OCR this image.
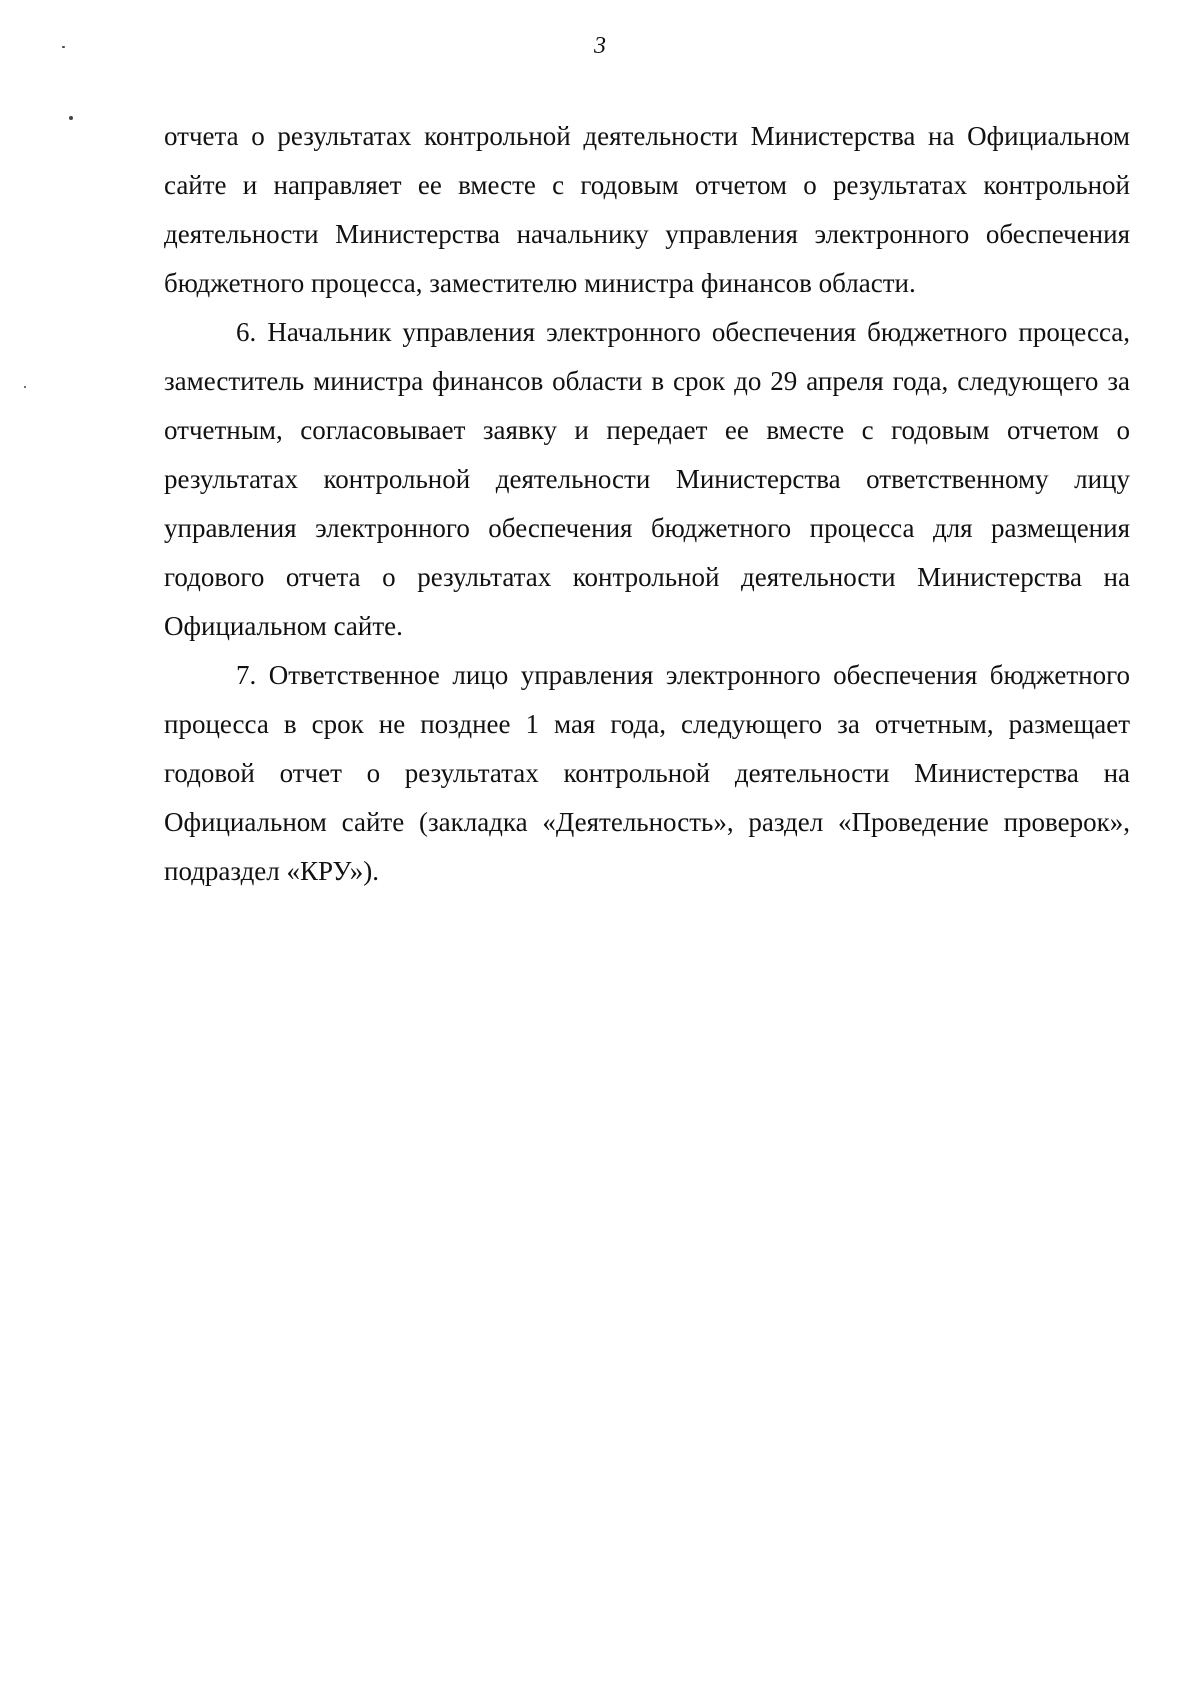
3

отчета о результатах контрольной деятельности Министерства на Официальном сайте и направляет ее вместе с годовым отчетом о результатах контрольной деятельности Министерства начальнику управления электронного обеспечения бюджетного процесса, заместителю министра финансов области.

6. Начальник управления электронного обеспечения бюджетного процесса, заместитель министра финансов области в срок до 29 апреля года, следующего за отчетным, согласовывает заявку и передает ее вместе с годовым отчетом о результатах контрольной деятельности Министерства ответственному лицу управления электронного обеспечения бюджетного процесса для размещения годового отчета о результатах контрольной деятельности Министерства на Официальном сайте.

7. Ответственное лицо управления электронного обеспечения бюджетного процесса в срок не позднее 1 мая года, следующего за отчетным, размещает годовой отчет о результатах контрольной деятельности Министерства на Официальном сайте (закладка «Деятельность», раздел «Проведение проверок», подраздел «КРУ»).
